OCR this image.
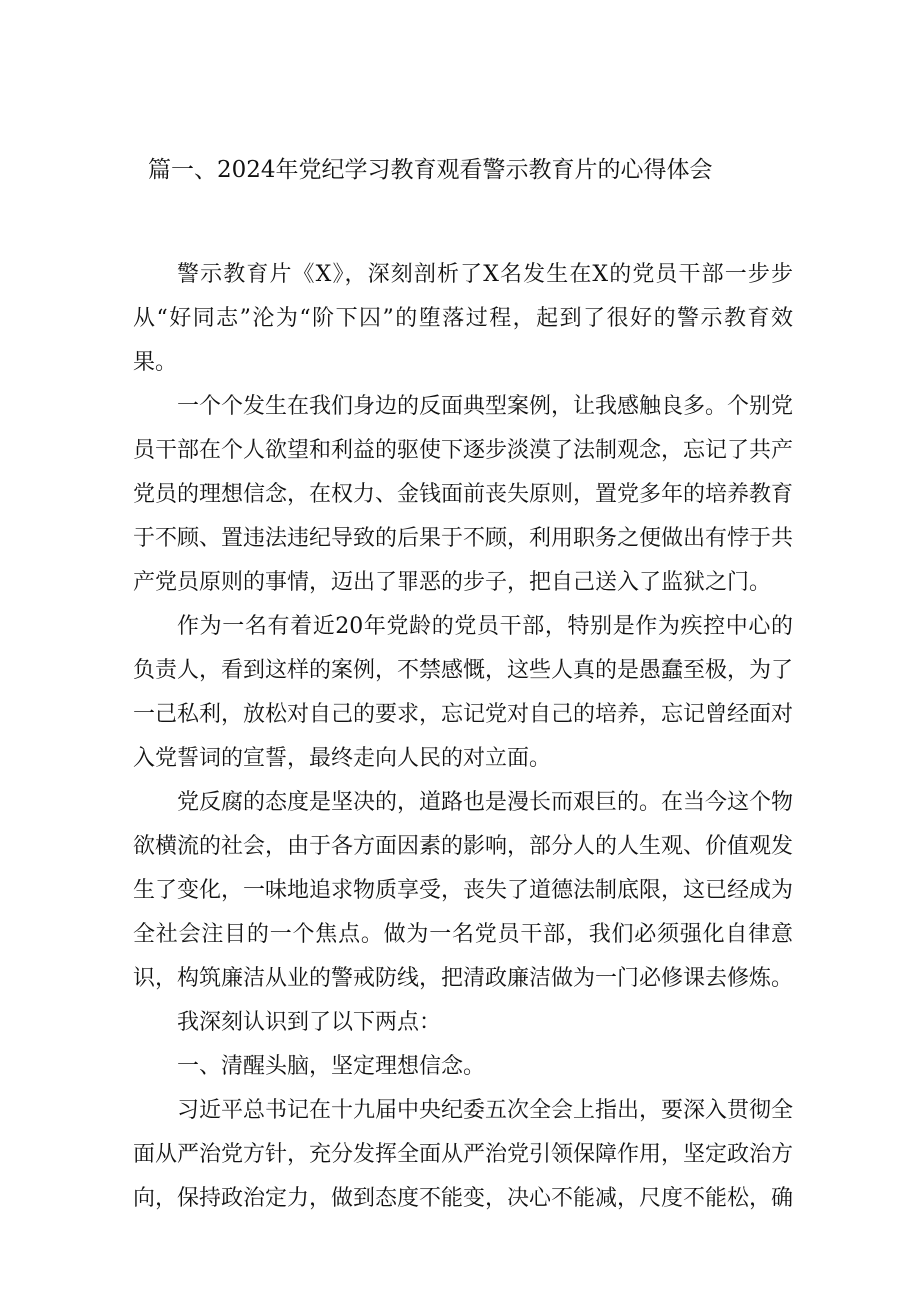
篇一、2024年党纪学习教育观看警示教育片的心得体会

警示教育片《X》，深刻剖析了X名发生在X的党员干部一步步从“好同志”沦为“阶下囚”的堕落过程，起到了很好的警示教育效果。

一个个发生在我们身边的反面典型案例，让我感触良多。个别党员干部在个人欲望和利益的驱使下逐步淡漠了法制观念，忘记了共产党员的理想信念，在权力、金钱面前丧失原则，置党多年的培养教育于不顾、置违法违纪导致的后果于不顾，利用职务之便做出有悖于共产党员原则的事情，迈出了罪恶的步子，把自己送入了监狱之门。

作为一名有着近20年党龄的党员干部，特别是作为疾控中心的负责人，看到这样的案例，不禁感慨，这些人真的是愚蠢至极，为了一己私利，放松对自己的要求，忘记党对自己的培养，忘记曾经面对入党誓词的宣誓，最终走向人民的对立面。

党反腐的态度是坚决的，道路也是漫长而艰巨的。在当今这个物欲横流的社会，由于各方面因素的影响，部分人的人生观、价值观发生了变化，一味地追求物质享受，丧失了道德法制底限，这已经成为全社会注目的一个焦点。做为一名党员干部，我们必须强化自律意识，构筑廉洁从业的警戒防线，把清政廉洁做为一门必修课去修炼。

我深刻认识到了以下两点：

一、清醒头脑，坚定理想信念。

习近平总书记在十九届中央纪委五次全会上指出，要深入贯彻全面从严治党方针，充分发挥全面从严治党引领保障作用，坚定政治方向，保持政治定力，做到态度不能变，决心不能减，尺度不能松，确
